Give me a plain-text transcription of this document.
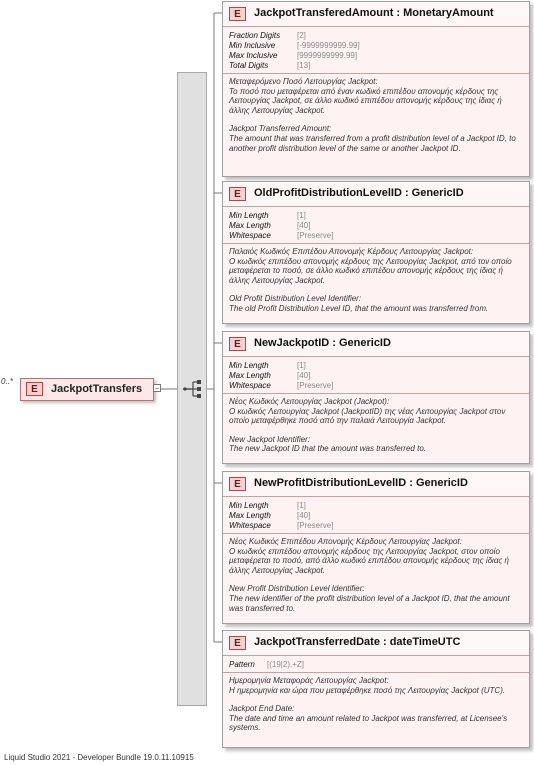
0..*
E	JackpotTransfers −
E	JackpotTransferedAmount : MonetaryAmount
Fraction Digits [2]
Min Inclusive	[-9999999999.99]
Max Inclusive [9999999999.99]
Total Digits	[13]

Μεταφερόμενο Ποσό Λειτουργίας Jackpot:

Το ποσό που μεταφέρεται από έναν κωδικό επιπέδου απονομής κέρδους της Λειτουργίας Jackpot, σε άλλο κωδικό επιπέδου απονομής κέρδους της ίδιας ή άλλης Λειτουργίας Jackpot.

Jackpot Transferred Amount:

The amount that was transferred from a profit distribution level of a Jackpot ID, to another profit distribution level of the same or another Jackpot ID.

E	OldProfitDistributionLevelID : GenericID
Min Length	[1]
Max Length	[40]
Whitespace	[Preserve]

Παλαιός Κωδικός Επιπέδου Απονομής Κέρδους Λειτουργίας Jackpot:

Ο κωδικός επιπέδου απονομής κέρδους της Λειτουργίας Jackpot, από τον οποίο μεταφέρεται το ποσό, σε άλλο κωδικό επιπέδου απονομής κέρδους της ίδιας ή άλλης Λειτουργίας Jackpot.

Old Profit Distribution Level Identifier:

The old Profit Distribution Level ID, that the amount was transferred from.

E	NewJackpotID : GenericID
Min Length	[1]
Max Length	[40]
Whitespace	[Preserve]

Νέος Κωδικός Λειτουργίας Jackpot (Jackpot):

Ο κωδικός Λειτουργίας Jackpot (JackpotID) της νέας Λειτουργίας Jackpot στον οποίο μεταφέρθηκε ποσό από την παλαιά Λειτουργία Jackpot.

New Jackpot Identifier:

The new Jackpot ID that the amount was transferred to.

E	NewProfitDistributionLevelID : GenericID
Min Length	[1]
Max Length	[40]
Whitespace	[Preserve]

Νέος Κωδικός Επιπέδου Απονομής Κέρδους Λειτουργίας Jackpot:

Ο κωδικός επιπέδου απονομής κέρδους της Λειτουργίας Jackpot, στον οποίο μεταφέρεται το ποσό, από άλλο κωδικό επιπέδου απονομής κέρδους της ίδιας ή άλλης Λειτουργίας Jackpot.

New Profit Distribution Level Identifier:

The new identifier of the profit distribution level of a Jackpot ID, that the amount was transferred to.

E	JackpotTransferredDate : dateTimeUTC
Pattern [(19|2).+Z]

Ημερομηνία Μεταφοράς Λειτουργίας Jackpot:

Η ημερομηνία και ώρα που μεταφέρθηκε ποσό της Λειτουργίας Jackpot (UTC).

Jackpot End Date:

The date and time an amount related to Jackpot was transferred, at Licensee's systems.

Liquid Studio 2021 - Developer Bundle 19.0.11.10915
